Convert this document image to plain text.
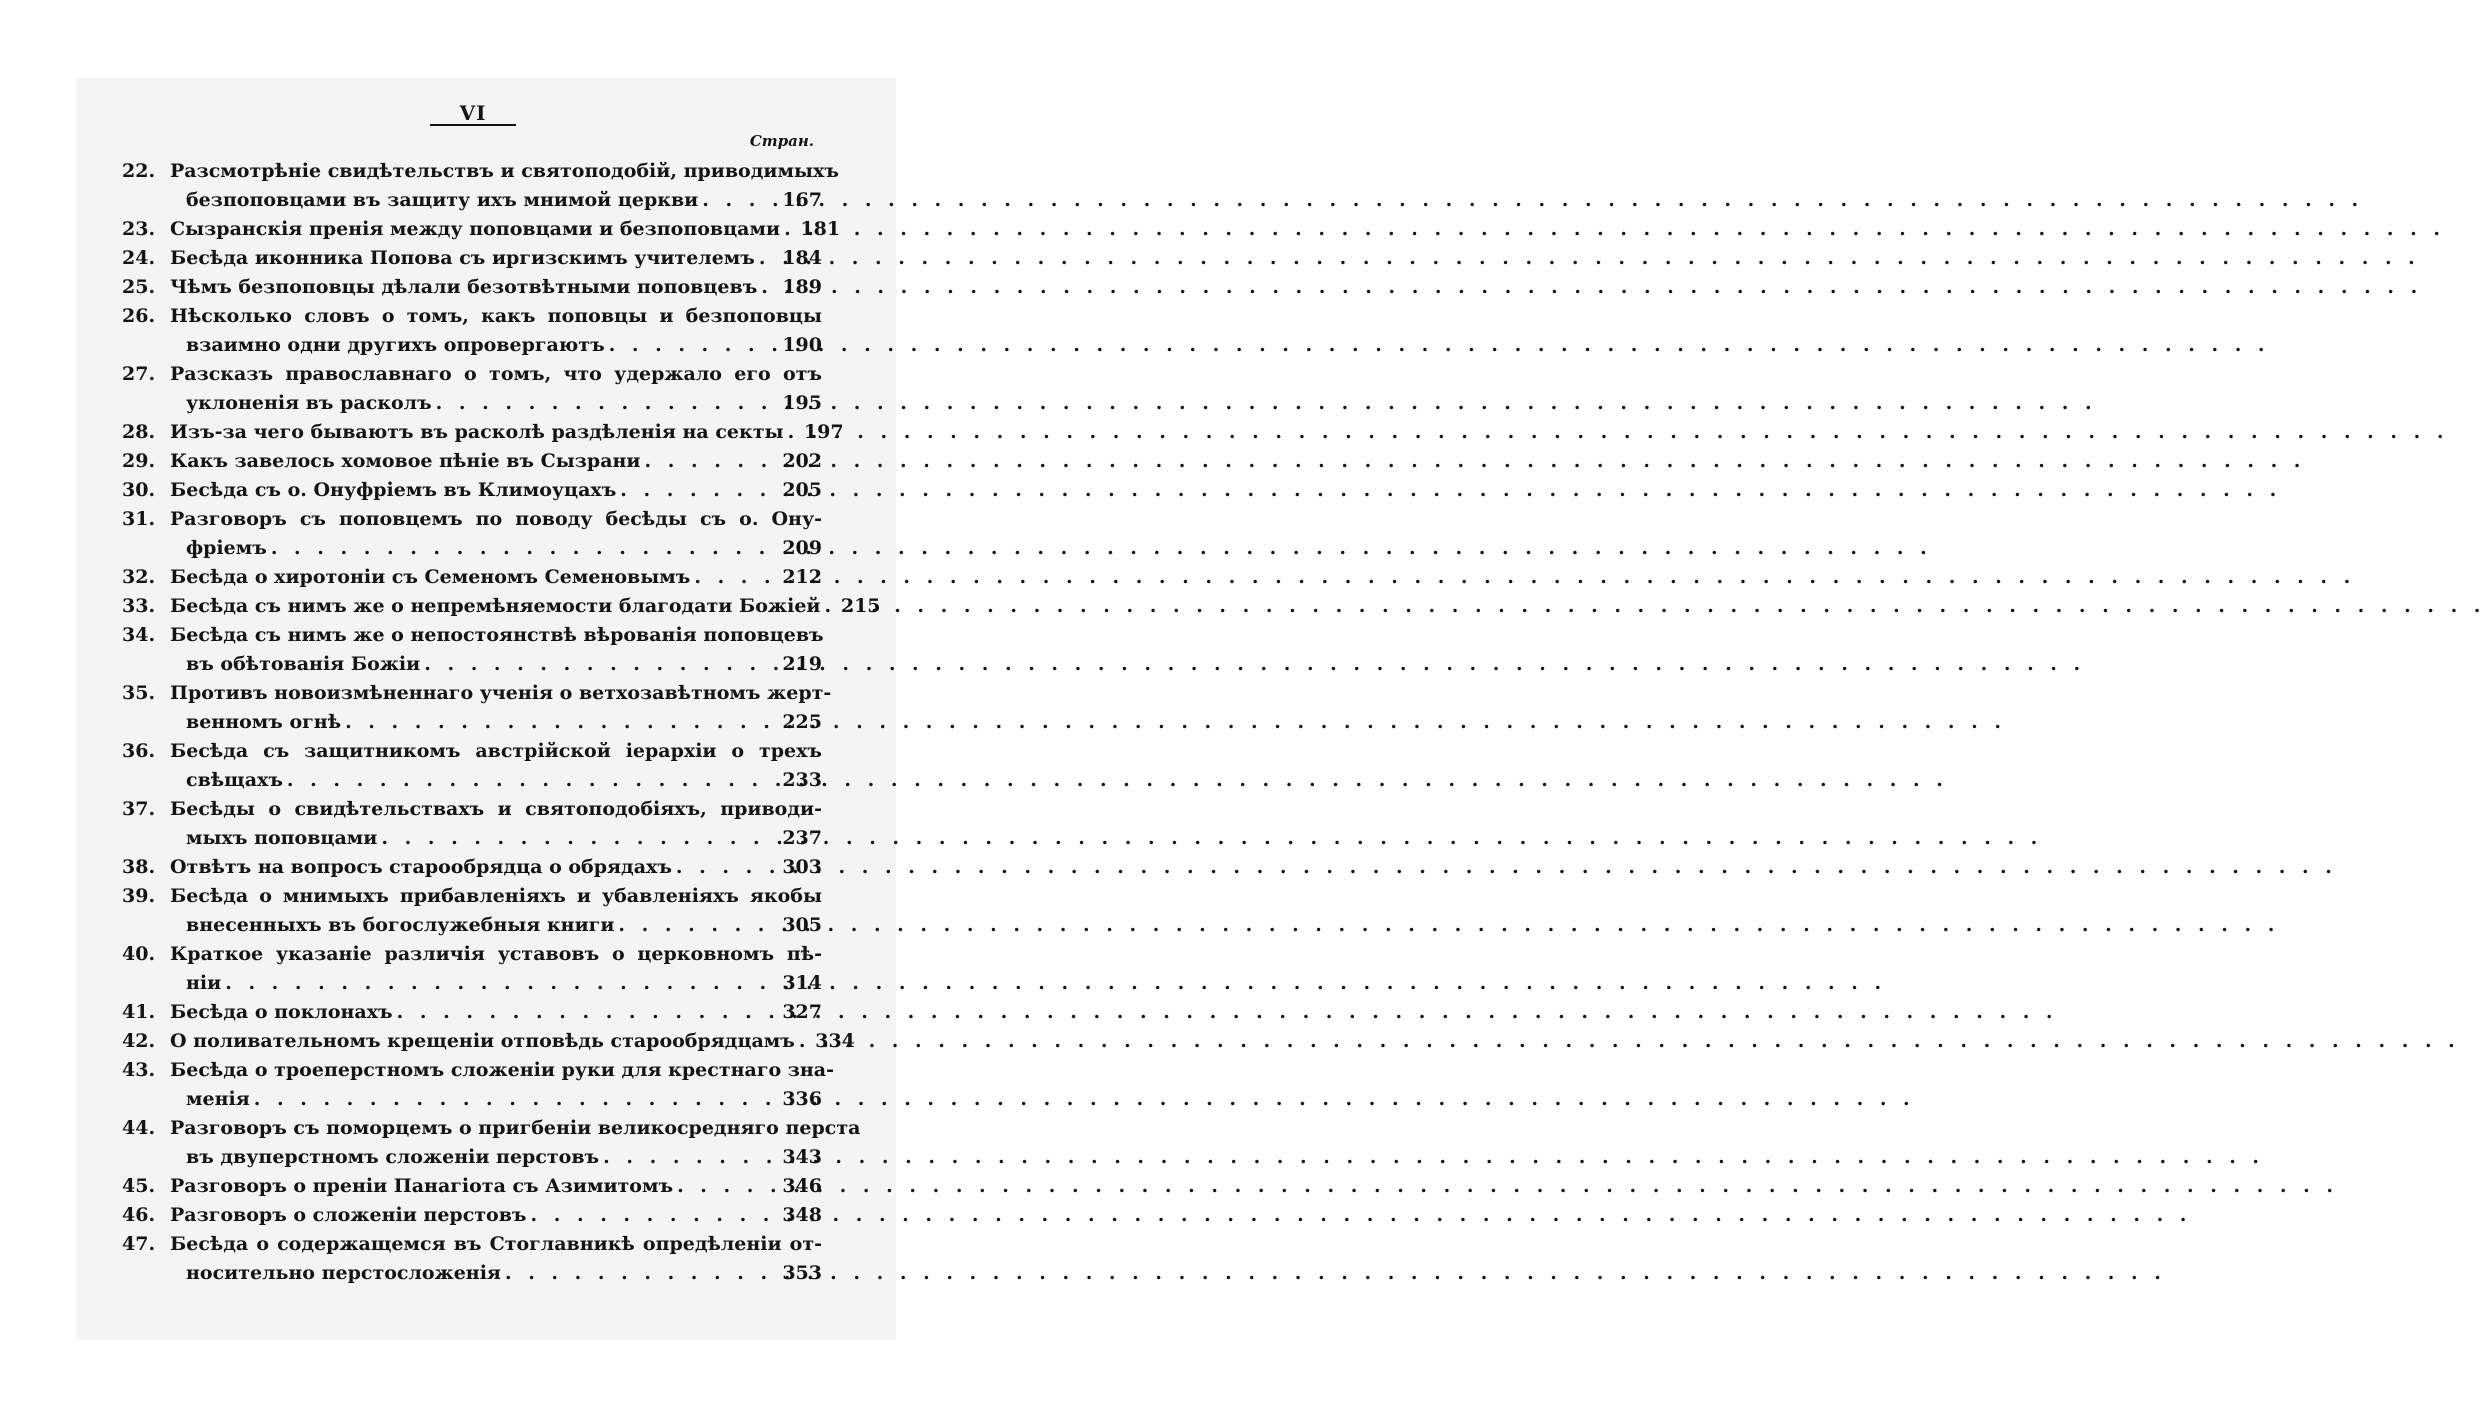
VI
Стран.
22. Разсмотрѣніе свидѣтельствъ и святоподобій, приводимыхъ
безпоповцами въ защиту ихъ мнимой церкви . . .	167
23. Сызранскія пренія между поповцами и безпоповцами . . . 181
24. Бесѣда иконника Попова съ иргизскимъ учителемъ . . . 184
25. Чѣмъ безпоповцы дѣлали безотвѣтными поповцевъ . . . 189
26. Нѣсколько словъ о томъ, какъ поповцы и безпоповцы
взаимно одни другихъ опровергаютъ . . .	190
27. Разсказъ православнаго о томъ, что удержало его отъ
уклоненія въ расколъ . . .	195
28. Изъ-за чего бываютъ въ расколѣ раздѣленія на секты . . . 197
29. Какъ завелось хомовое пѣніе въ Сызрани . . .	202
30. Бесѣда съ о. Онуфріемъ въ Климоуцахъ . . .	205
31. Разговоръ съ поповцемъ по поводу бесѣды съ о. Ону-
фріемъ . . .	209
32. Бесѣда о хиротоніи съ Семеномъ Семеновымъ . . .	212
33. Бесѣда съ нимъ же о непремѣняемости благодати Божіей . . . 215
34. Бесѣда съ нимъ же о непостоянствѣ вѣрованія поповцевъ
въ обѣтованія Божіи . . .	219
35. Противъ новоизмѣненнаго ученія о ветхозавѣтномъ жерт-
венномъ огнѣ . . .	225
36. Бесѣда съ защитникомъ австрійской іерархіи о трехъ
свѣщахъ . . .	233
37. Бесѣды о свидѣтельствахъ и святоподобіяхъ, приводи-
мыхъ поповцами . . .	237
38. Отвѣтъ на вопросъ старообрядца о обрядахъ . . .	303
39. Бесѣда о мнимыхъ прибавленіяхъ и убавленіяхъ якобы
внесенныхъ въ богослужебныя книги . . .	305
40. Краткое указаніе различія уставовъ о церковномъ пѣ-
ніи . . .	314
41. Бесѣда о поклонахъ . . .	327
42. О поливательномъ крещеніи отповѣдь старообрядцамъ . . . 334
43. Бесѣда о троеперстномъ сложеніи руки для крестнаго зна-
менія . . .	336
44. Разговоръ съ поморцемъ о пригбеніи великосредняго перста
въ двуперстномъ сложеніи перстовъ . . .	343
45. Разговоръ о преніи Панагіота съ Азимитомъ . . .	346
46. Разговоръ о сложеніи перстовъ . . .	348
47. Бесѣда о содержащемся въ Стоглавникѣ опредѣленіи от-
носительно перстосложенія . . .	353
